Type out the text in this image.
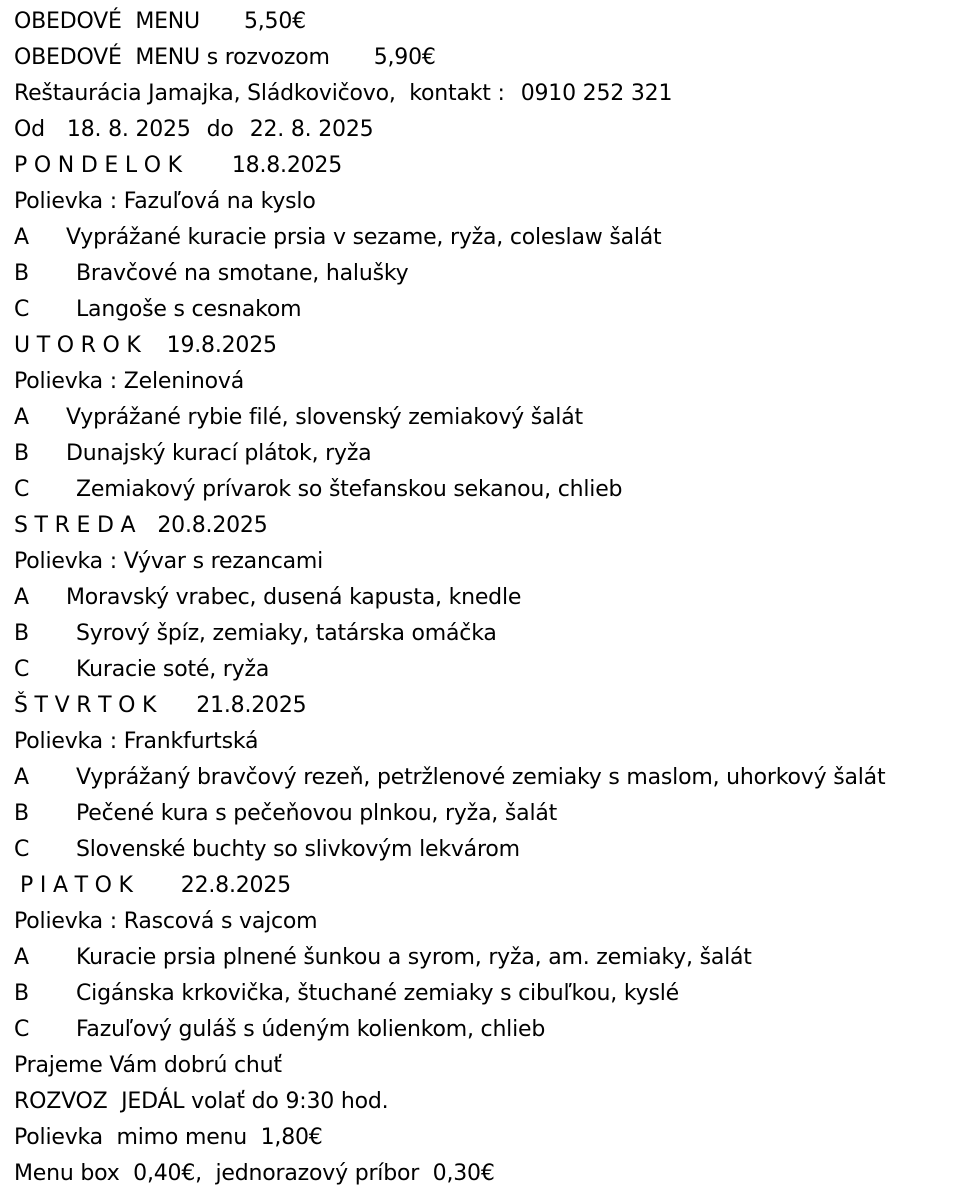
OBEDOVÉ  MENU 5,50€
OBEDOVÉ  MENU s rozvozom 5,90€
Reštaurácia Jamajka, Sládkovičovo,  kontakt : 0910 252 321
Od 18. 8. 2025 do 22. 8. 2025
P O N D E L O K 18.8.2025
Polievka : Fazuľová na kyslo
A Vyprážané kuracie prsia v sezame, ryža, coleslaw šalát
B Bravčové na smotane, halušky
C Langoše s cesnakom
U T O R O K 19.8.2025
Polievka : Zeleninová
A Vyprážané rybie filé, slovenský zemiakový šalát
B Dunajský kurací plátok, ryža
C Zemiakový prívarok so štefanskou sekanou, chlieb
S T R E D A 20.8.2025
Polievka : Vývar s rezancami
A Moravský vrabec, dusená kapusta, knedle
B Syrový špíz, zemiaky, tatárska omáčka
C Kuracie soté, ryža
Š T V R T O K 21.8.2025
Polievka : Frankfurtská
A Vyprážaný bravčový rezeň, petržlenové zemiaky s maslom, uhorkový šalát
B Pečené kura s pečeňovou plnkou, ryža, šalát
C Slovenské buchty so slivkovým lekvárom
P I A T O K 22.8.2025
Polievka : Rascová s vajcom
A Kuracie prsia plnené šunkou a syrom, ryža, am. zemiaky, šalát
B Cigánska krkovička, štuchané zemiaky s cibuľkou, kyslé
C Fazuľový guláš s údeným kolienkom, chlieb
Prajeme Vám dobrú chuť
ROZVOZ  JEDÁL volať do 9:30 hod.
Polievka  mimo menu  1,80€
Menu box  0,40€,  jednorazový príbor  0,30€
